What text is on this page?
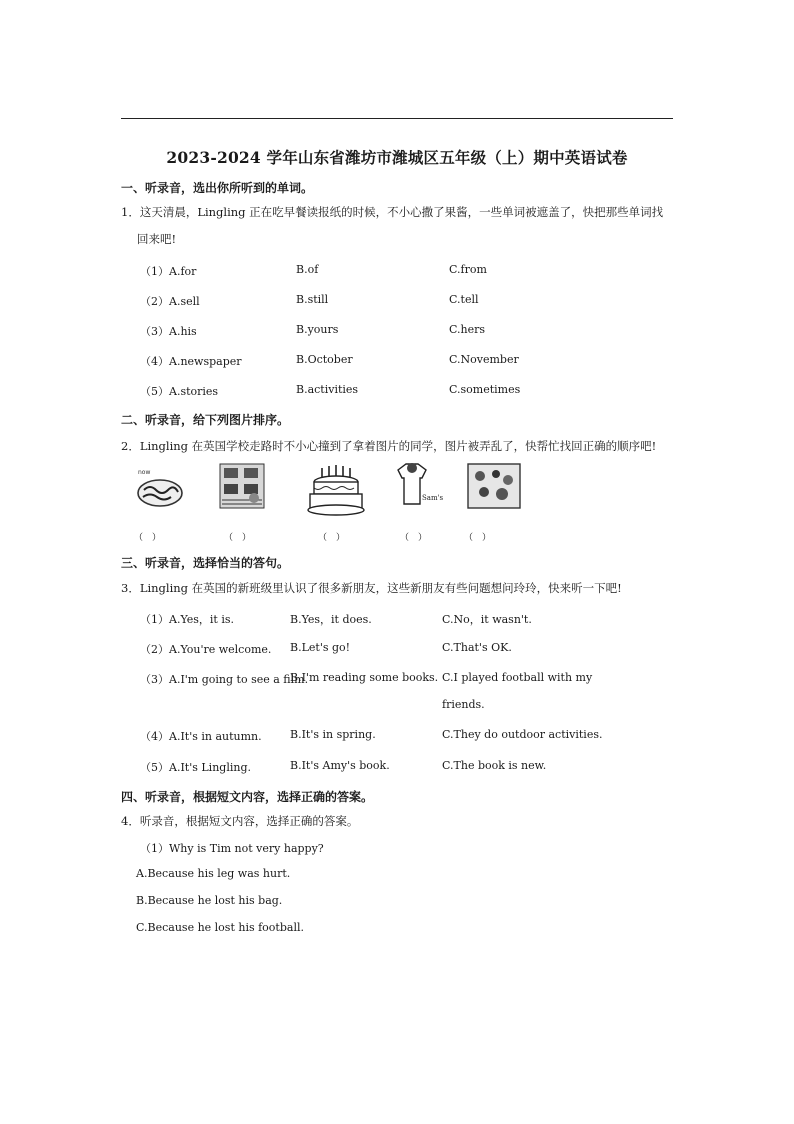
2023-2024 学年山东省潍坊市潍城区五年级（上）期中英语试卷
一、听录音，选出你所听到的单词。
1．这天清晨，Lingling 正在吃早餐读报纸的时候，不小心撒了果酱，一些单词被遮盖了，快把那些单词找
回来吧!
（1）A.for	B.of	C.from
（2）A.sell	B.still	C.tell
（3）A.his	B.yours	C.hers
（4）A.newspaper	B.October	C.November
（5）A.stories	B.activities	C.sometimes
二、听录音，给下列图片排序。
2．Lingling 在英国学校走路时不小心撞到了拿着图片的同学，图片被弄乱了，快帮忙找回正确的顺序吧!
now
Sam's
（　）	（　）	（　）	（　）	（　）
三、听录音，选择恰当的答句。
3．Lingling 在英国的新班级里认识了很多新朋友，这些新朋友有些问题想问玲玲，快来听一下吧!
（1）A.Yes，it is.	B.Yes，it does.	C.No，it wasn't.
（2）A.You're welcome. B.Let's go!	C.That's OK.
（3）A.I'm going to see a film.
B.I'm reading some books. C.I played football with my
friends.
（4）A.It's in autumn.	B.It's in spring.	C.They do outdoor activities.
（5）A.It's Lingling.	B.It's Amy's book.	C.The book is new.
四、听录音，根据短文内容，选择正确的答案。
4．听录音，根据短文内容，选择正确的答案。
（1）Why is Tim not very happy?
A.Because his leg was hurt.
B.Because he lost his bag.
C.Because he lost his football.
